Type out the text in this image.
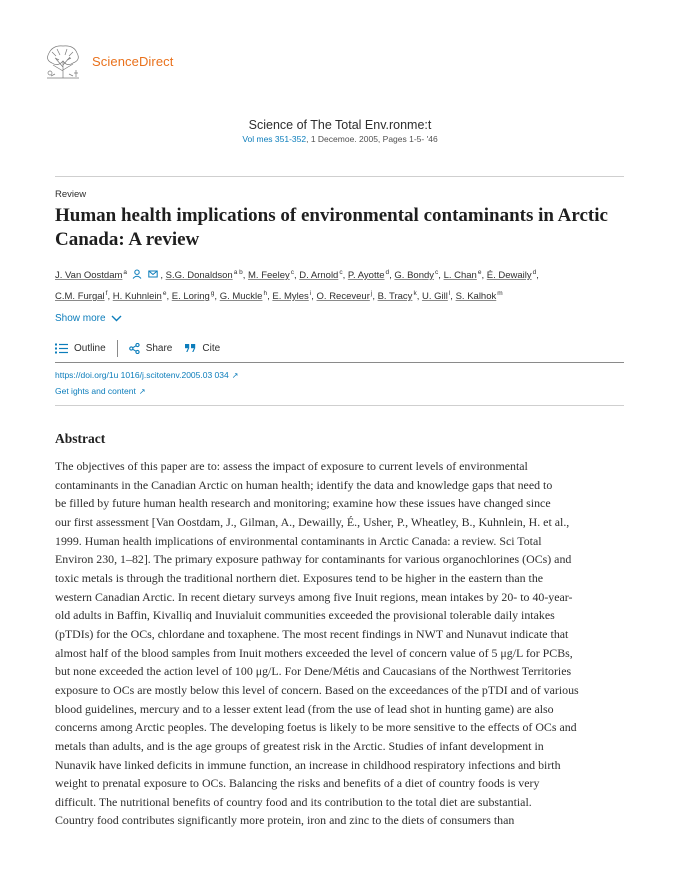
ScienceDirect
Science of The Total Env.ronme:t
Vol mes 351-352, 1 Decemoe. 2005, Pages 1-5- '46
Review
Human health implications of environmental contaminants in Arctic
Canada: A review
J. Van Oostdam$^a$	, S.G. Donaldson$^{a b}$, M. Feeley$^c$, D. Arnold$^c$, P. Ayotte$^d$, G. Bondy$^c$, L. Chan$^e$, É. Dewaily$^d$,
C.M. Furgal$^f$, H. Kuhnlein$^e$, E. Loring$^g$, G. Muckle$^h$, E. Myles$^i$, O. Receveur$^j$, B. Tracy$^k$, U. Gill$^l$, S. Kalhok$^m$
Show more
Outline	Share	Cite
https://doi.org/1u 1016/j.scitotenv.2005.03 034 ↗
Get ights and content ↗
Abstract
The objectives of this paper are to: assess the impact of exposure to current levels of environmental
contaminants in the Canadian Arctic on human health; identify the data and knowledge gaps that need to
be filled by future human health research and monitoring; examine how these issues have changed since
our first assessment [Van Oostdam, J., Gilman, A., Dewailly, É., Usher, P., Wheatley, B., Kuhnlein, H. et al.,
1999. Human health implications of environmental contaminants in Arctic Canada: a review. Sci Total
Environ 230, 1–82]. The primary exposure pathway for contaminants for various organochlorines (OCs) and
toxic metals is through the traditional northern diet. Exposures tend to be higher in the eastern than the
western Canadian Arctic. In recent dietary surveys among five Inuit regions, mean intakes by 20- to 40-year-
old adults in Baffin, Kivalliq and Inuvialuit communities exceeded the provisional tolerable daily intakes
(pTDIs) for the OCs, chlordane and toxaphene. The most recent findings in NWT and Nunavut indicate that
almost half of the blood samples from Inuit mothers exceeded the level of concern value of 5 μg/L for PCBs,
but none exceeded the action level of 100 μg/L. For Dene/Métis and Caucasians of the Northwest Territories
exposure to OCs are mostly below this level of concern. Based on the exceedances of the pTDI and of various
blood guidelines, mercury and to a lesser extent lead (from the use of lead shot in hunting game) are also
concerns among Arctic peoples. The developing foetus is likely to be more sensitive to the effects of OCs and
metals than adults, and is the age groups of greatest risk in the Arctic. Studies of infant development in
Nunavik have linked deficits in immune function, an increase in childhood respiratory infections and birth
weight to prenatal exposure to OCs. Balancing the risks and benefits of a diet of country foods is very
difficult. The nutritional benefits of country food and its contribution to the total diet are substantial.
Country food contributes significantly more protein, iron and zinc to the diets of consumers than
